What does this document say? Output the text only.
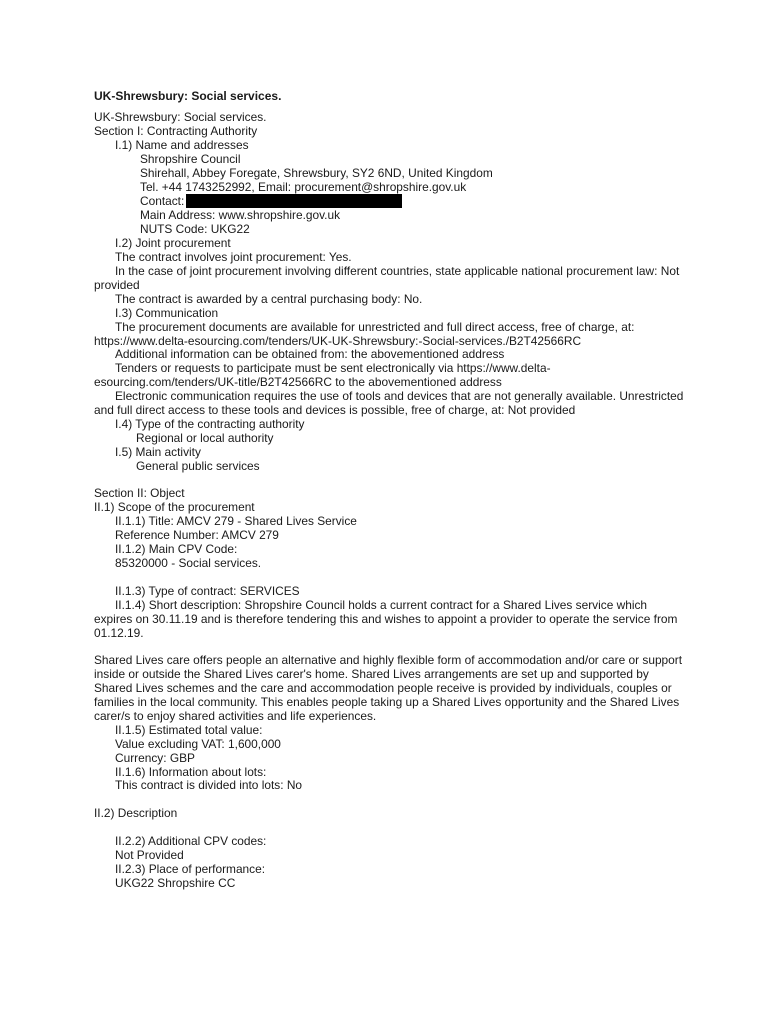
UK-Shrewsbury: Social services.
UK-Shrewsbury: Social services.
Section I: Contracting Authority
I.1) Name and addresses
Shropshire Council
Shirehall, Abbey Foregate, Shrewsbury, SY2 6ND, United Kingdom
Tel. +44 1743252992, Email: procurement@shropshire.gov.uk
Contact:
Main Address: www.shropshire.gov.uk
NUTS Code: UKG22
I.2) Joint procurement
The contract involves joint procurement: Yes.
In the case of joint procurement involving different countries, state applicable national procurement law: Not provided
The contract is awarded by a central purchasing body: No.
I.3) Communication
The procurement documents are available for unrestricted and full direct access, free of charge, at: https://www.delta-esourcing.com/tenders/UK-UK-Shrewsbury:-Social-services./B2T42566RC
Additional information can be obtained from: the abovementioned address
Tenders or requests to participate must be sent electronically via https://www.delta-
esourcing.com/tenders/UK-title/B2T42566RC to the abovementioned address
Electronic communication requires the use of tools and devices that are not generally available. Unrestricted and full direct access to these tools and devices is possible, free of charge, at: Not provided
I.4) Type of the contracting authority
Regional or local authority
I.5) Main activity
General public services
Section II: Object
II.1) Scope of the procurement
II.1.1) Title: AMCV 279 - Shared Lives Service
Reference Number: AMCV 279
II.1.2) Main CPV Code:
85320000 - Social services.
II.1.3) Type of contract: SERVICES
II.1.4) Short description: Shropshire Council holds a current contract for a Shared Lives service which expires on 30.11.19 and is therefore tendering this and wishes to appoint a provider to operate the service from 01.12.19.
Shared Lives care offers people an alternative and highly flexible form of accommodation and/or care or support inside or outside the Shared Lives carer's home. Shared Lives arrangements are set up and supported by Shared Lives schemes and the care and accommodation people receive is provided by individuals, couples or families in the local community. This enables people taking up a Shared Lives opportunity and the Shared Lives carer/s to enjoy shared activities and life experiences.
II.1.5) Estimated total value:
Value excluding VAT: 1,600,000
Currency: GBP
II.1.6) Information about lots:
This contract is divided into lots: No
II.2) Description
II.2.2) Additional CPV codes:
Not Provided
II.2.3) Place of performance:
UKG22 Shropshire CC
